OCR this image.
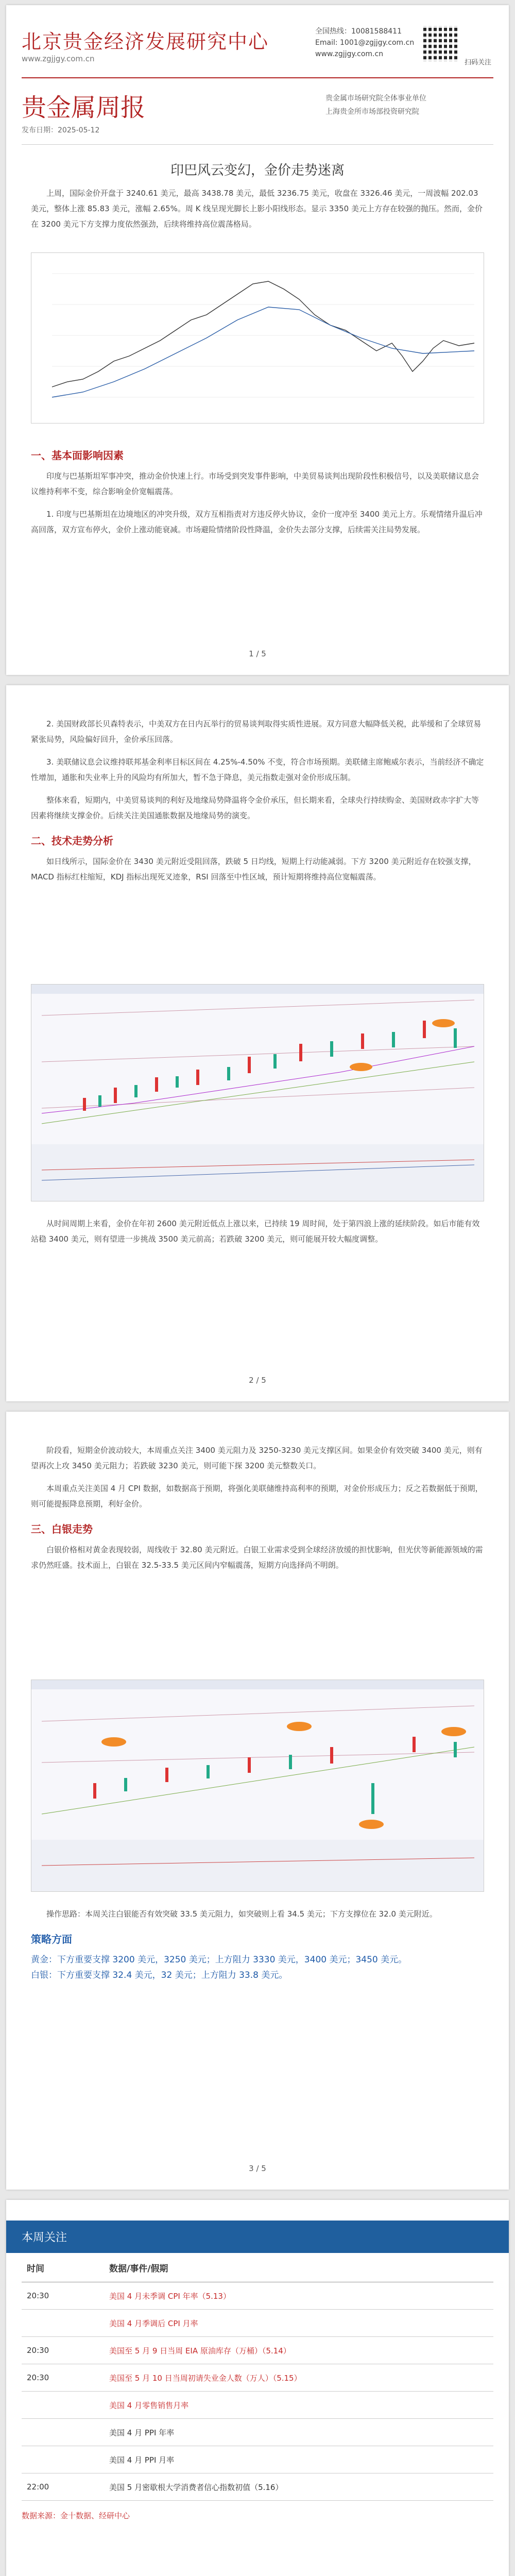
北京贵金经济发展研究中心
www.zgjjgy.com.cn
全国热线：10081588411
Email: 1001@zgjjgy.com.cn
www.zgjjgy.com.cn
扫码关注
贵金属周报
发布日期：2025-05-12
贵金属市场研究院全体事业单位
上海贵金所市场部投资研究院
印巴风云变幻，金价走势迷离

上周，国际金价开盘于 3240.61 美元，最高 3438.78 美元，最低 3236.75 美元，收盘在 3326.46 美元，一周波幅 202.03 美元，整体上涨 85.83 美元，涨幅 2.65%。周 K 线呈现光脚长上影小阳线形态。显示 3350 美元上方存在较强的抛压。然而，金价在 3200 美元下方支撑力度依然强劲，后续将维持高位震荡格局。

一、基本面影响因素

印度与巴基斯坦军事冲突，推动金价快速上行。市场受到突发事件影响，中美贸易谈判出现阶段性积极信号，以及美联储议息会议维持利率不变，综合影响金价宽幅震荡。

1. 印度与巴基斯坦在边境地区的冲突升级，双方互相指责对方违反停火协议，金价一度冲至 3400 美元上方。乐观情绪升温后冲高回落，双方宣布停火，金价上涨动能衰减。市场避险情绪阶段性降温，金价失去部分支撑，后续需关注局势发展。

1 / 5

2. 美国财政部长贝森特表示，中美双方在日内瓦举行的贸易谈判取得实质性进展。双方同意大幅降低关税，此举缓和了全球贸易紧张局势，风险偏好回升，金价承压回落。

3. 美联储议息会议维持联邦基金利率目标区间在 4.25%-4.50% 不变，符合市场预期。美联储主席鲍威尔表示，当前经济不确定性增加，通胀和失业率上升的风险均有所加大，暂不急于降息，美元指数走强对金价形成压制。

整体来看，短期内，中美贸易谈判的利好及地缘局势降温将令金价承压，但长期来看，全球央行持续购金、美国财政赤字扩大等因素将继续支撑金价。后续关注美国通胀数据及地缘局势的演变。

二、技术走势分析

如日线所示，国际金价在 3430 美元附近受阻回落，跌破 5 日均线，短期上行动能减弱。下方 3200 美元附近存在较强支撑，MACD 指标红柱缩短，KDJ 指标出现死叉迹象，RSI 回落至中性区域，预计短期将维持高位宽幅震荡。

从时间周期上来看，金价在年初 2600 美元附近低点上涨以来，已持续 19 周时间，处于第四浪上涨的延续阶段。如后市能有效站稳 3400 美元，则有望进一步挑战 3500 美元前高；若跌破 3200 美元，则可能展开较大幅度调整。

2 / 5

阶段看，短期金价波动较大，本周重点关注 3400 美元阻力及 3250-3230 美元支撑区间。如果金价有效突破 3400 美元，则有望再次上攻 3450 美元阻力；若跌破 3230 美元，则可能下探 3200 美元整数关口。

本周重点关注美国 4 月 CPI 数据，如数据高于预期，将强化美联储维持高利率的预期，对金价形成压力；反之若数据低于预期，则可能提振降息预期，利好金价。

三、白银走势

白银价格相对黄金表现较弱，周线收于 32.80 美元附近。白银工业需求受到全球经济放缓的担忧影响，但光伏等新能源领域的需求仍然旺盛。技术面上，白银在 32.5-33.5 美元区间内窄幅震荡，短期方向选择尚不明朗。

操作思路：本周关注白银能否有效突破 33.5 美元阻力，如突破则上看 34.5 美元；下方支撑位在 32.0 美元附近。

策略方面
黄金：下方重要支撑 3200 美元，3250 美元；上方阻力 3330 美元，3400 美元；3450 美元。
白银：下方重要支撑 32.4 美元，32 美元；上方阻力 33.8 美元。
3 / 5
本周关注
时间	数据/事件/假期
20:30	美国 4 月未季调 CPI 年率（5.13）
	美国 4 月季调后 CPI 月率
20:30	美国至 5 月 9 日当周 EIA 原油库存（万桶）（5.14）
20:30	美国至 5 月 10 日当周初请失业金人数（万人）（5.15）
	美国 4 月零售销售月率
	美国 4 月 PPI 年率
	美国 4 月 PPI 月率
22:00	美国 5 月密歇根大学消费者信心指数初值（5.16）
数据来源：金十数据、经研中心
